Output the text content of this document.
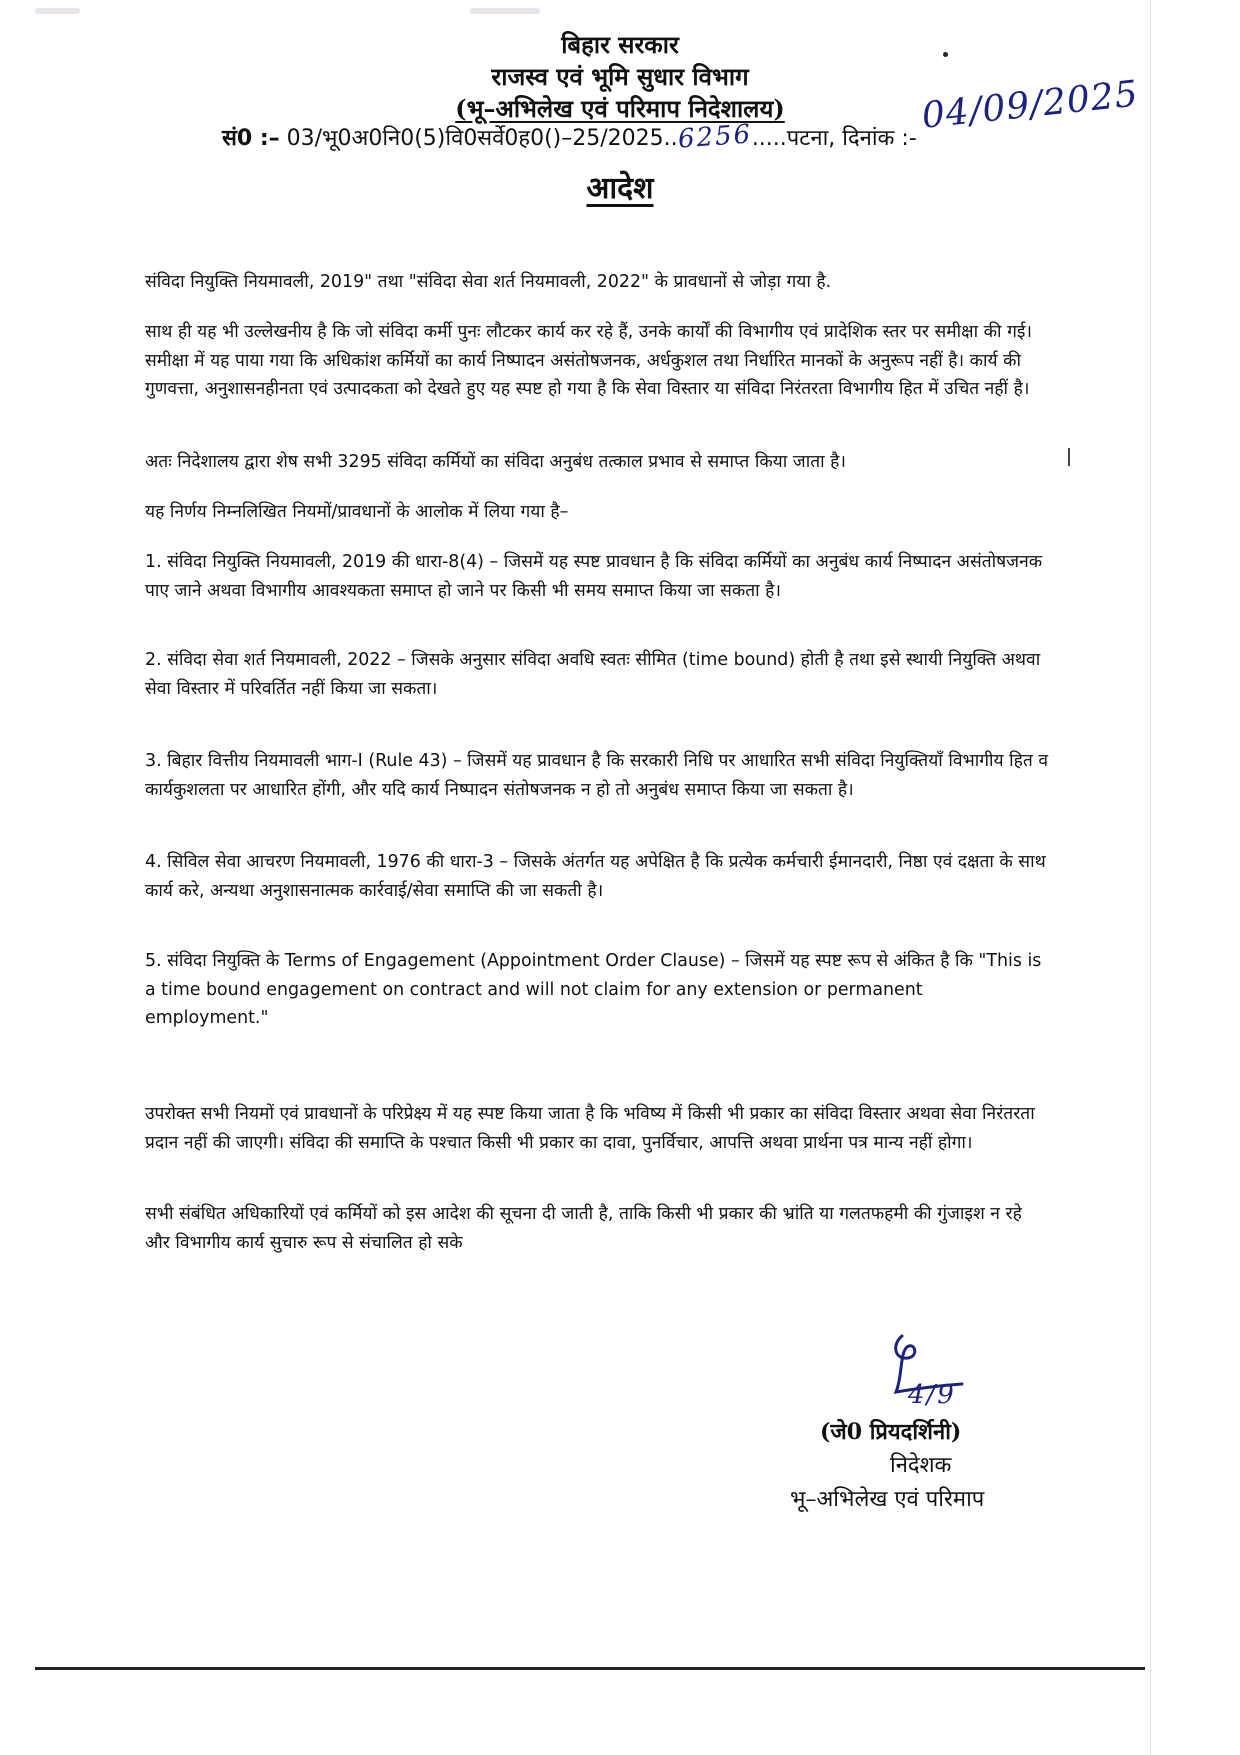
बिहार सरकार
राजस्व एवं भूमि सुधार विभाग
(भू–अभिलेख एवं परिमाप निदेशालय)
सं0 :– 03/भू0अ0नि0(5)वि0सर्वे0ह0()–25/2025..6256.....पटना, दिनांक :-
04/09/2025
आदेश
संविदा नियुक्ति नियमावली, 2019" तथा "संविदा सेवा शर्त नियमावली, 2022" के प्रावधानों से जोड़ा गया है.
साथ ही यह भी उल्लेखनीय है कि जो संविदा कर्मी पुनः लौटकर कार्य कर रहे हैं, उनके कार्यों की विभागीय एवं प्रादेशिक स्तर पर समीक्षा की गई। समीक्षा में यह पाया गया कि अधिकांश कर्मियों का कार्य निष्पादन असंतोषजनक, अर्धकुशल तथा निर्धारित मानकों के अनुरूप नहीं है। कार्य की गुणवत्ता, अनुशासनहीनता एवं उत्पादकता को देखते हुए यह स्पष्ट हो गया है कि सेवा विस्तार या संविदा निरंतरता विभागीय हित में उचित नहीं है।
अतः निदेशालय द्वारा शेष सभी 3295 संविदा कर्मियों का संविदा अनुबंध तत्काल प्रभाव से समाप्त किया जाता है।
यह निर्णय निम्नलिखित नियमों/प्रावधानों के आलोक में लिया गया है–
1. संविदा नियुक्ति नियमावली, 2019 की धारा-8(4) – जिसमें यह स्पष्ट प्रावधान है कि संविदा कर्मियों का अनुबंध कार्य निष्पादन असंतोषजनक पाए जाने अथवा विभागीय आवश्यकता समाप्त हो जाने पर किसी भी समय समाप्त किया जा सकता है।
2. संविदा सेवा शर्त नियमावली, 2022 – जिसके अनुसार संविदा अवधि स्वतः सीमित (time bound) होती है तथा इसे स्थायी नियुक्ति अथवा सेवा विस्तार में परिवर्तित नहीं किया जा सकता।
3. बिहार वित्तीय नियमावली भाग-I (Rule 43) – जिसमें यह प्रावधान है कि सरकारी निधि पर आधारित सभी संविदा नियुक्तियाँ विभागीय हित व कार्यकुशलता पर आधारित होंगी, और यदि कार्य निष्पादन संतोषजनक न हो तो अनुबंध समाप्त किया जा सकता है।
4. सिविल सेवा आचरण नियमावली, 1976 की धारा-3 – जिसके अंतर्गत यह अपेक्षित है कि प्रत्येक कर्मचारी ईमानदारी, निष्ठा एवं दक्षता के साथ कार्य करे, अन्यथा अनुशासनात्मक कार्रवाई/सेवा समाप्ति की जा सकती है।
5. संविदा नियुक्ति के Terms of Engagement (Appointment Order Clause) – जिसमें यह स्पष्ट रूप से अंकित है कि "This is a time bound engagement on contract and will not claim for any extension or permanent employment."
उपरोक्त सभी नियमों एवं प्रावधानों के परिप्रेक्ष्य में यह स्पष्ट किया जाता है कि भविष्य में किसी भी प्रकार का संविदा विस्तार अथवा सेवा निरंतरता प्रदान नहीं की जाएगी। संविदा की समाप्ति के पश्चात किसी भी प्रकार का दावा, पुनर्विचार, आपत्ति अथवा प्रार्थना पत्र मान्य नहीं होगा।
सभी संबंधित अधिकारियों एवं कर्मियों को इस आदेश की सूचना दी जाती है, ताकि किसी भी प्रकार की भ्रांति या गलतफहमी की गुंजाइश न रहे और विभागीय कार्य सुचारु रूप से संचालित हो सके
4/9
(जे0 प्रियदर्शिनी)
निदेशक
भू–अभिलेख एवं परिमाप
